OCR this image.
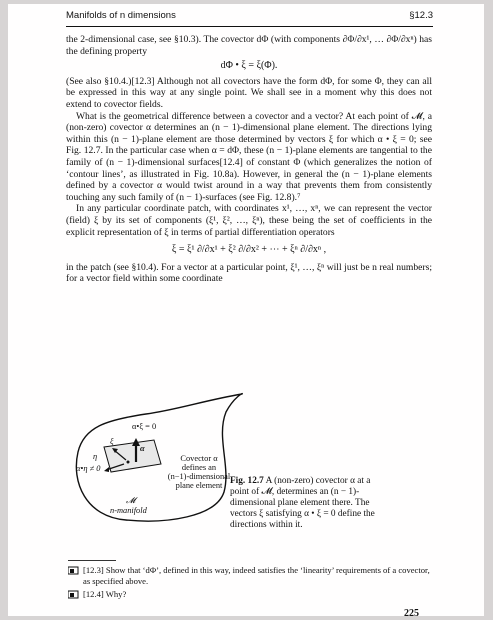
Manifolds of n dimensions	§12.3

the 2-dimensional case, see §10.3). The covector dΦ (with components ∂Φ/∂x¹, … ∂Φ/∂xⁿ) has the defining property

dΦ • ξ = ξ(Φ).

(See also §10.4.)[12.3] Although not all covectors have the form dΦ, for some Φ, they can all be expressed in this way at any single point. We shall see in a moment why this does not extend to covector fields.

What is the geometrical difference between a covector and a vector? At each point of 𝓜, a (non-zero) covector α determines an (n − 1)-dimensional plane element. The directions lying within this (n − 1)-plane element are those determined by vectors ξ for which α • ξ = 0; see Fig. 12.7. In the particular case when α = dΦ, these (n − 1)-plane elements are tangential to the family of (n − 1)-dimensional surfaces[12.4] of constant Φ (which generalizes the notion of ‘contour lines’, as illustrated in Fig. 10.8a). However, in general the (n − 1)-plane elements defined by a covector α would twist around in a way that prevents them from consistently touching any such family of (n − 1)-surfaces (see Fig. 12.8).⁷

In any particular coordinate patch, with coordinates x¹, …, xⁿ, we can represent the vector (field) ξ by its set of components (ξ¹, ξ², …, ξⁿ), these being the set of coefficients in the explicit representation of ξ in terms of partial differentiation operators

ξ = ξ¹ ∂/∂x¹ + ξ² ∂/∂x² + ⋯ + ξⁿ ∂/∂xⁿ ,

in the patch (see §10.4). For a vector at a particular point, ξ¹, …, ξⁿ will just be n real numbers; for a vector field within some coordinate

α•ξ = 0
η
α•η ≠ 0
ξ
α
Covector α
defines an
(n−1)-dimensional
plane element
𝓜
n-manifold
Fig. 12.7 A (non-zero) covector α at a point of 𝓜, determines an (n − 1)-dimensional plane element there. The vectors ξ satisfying α • ξ = 0 define the directions within it.
[12.3] Show that ‘dΦ’, defined in this way, indeed satisfies the ‘linearity’ requirements of a covector, as specified above.
[12.4] Why?
225
